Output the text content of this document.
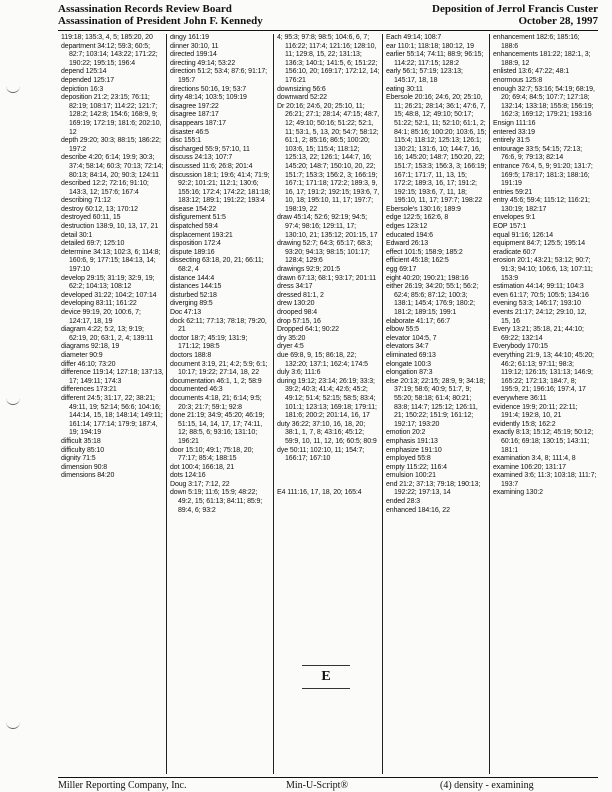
Assassination Records Review Board	Deposition of Jerrol Francis Custer
Assassination of President John F. Kennedy	October 28, 1997
119:18; 135:3, 4, 5; 185:20, 20
department 34:12; 59:3; 60:5; 82:7; 103:14; 143:22; 171:22; 190:22; 195:15; 196:4
depend 125:14
depended 125:17
depiction 16:3
deposition 21:2; 23:15; 76:11; 82:19; 108:17; 114:22; 121:7; 128:2; 142:8; 154:6; 168:9, 9; 169:19; 172:19; 181:6; 202:10, 12
depth 29:20; 30:3; 88:15; 186:22; 197:2
describe 4:20; 6:14; 19:9; 30:3; 37:4; 58:14; 60:3; 70:13; 72:14; 80:13; 84:14, 20; 90:3; 124:11
described 12:2; 72:16; 91:10; 143:3, 12; 157:6; 167:4
describing 71:12
destroy 60:12, 13; 170:12
destroyed 60:11, 15
destruction 138:9, 10, 13, 17, 21
detail 30:1
detailed 69:7; 125:10
determine 34:13; 102:3, 6; 114:8; 160:6, 9; 177:15; 184:13, 14; 197:10
develop 29:15; 31:19; 32:9, 19; 62:2; 104:13; 108:12
developed 31:22; 104:2; 107:14
developing 83:11; 161:22
device 99:19, 20; 100:6, 7; 124:17, 18, 19
diagram 4:22; 5:2, 13; 9:19; 62:19, 20; 63:1, 2, 4; 139:11
diagrams 92:18, 19
diameter 90:9
differ 46:10; 73:20
difference 119:14; 127:18; 137:13, 17; 149:11; 174:3
differences 173:21
different 24:5; 31:17, 22; 38:21; 49:11, 19; 52:14; 56:6; 104:16; 144:14, 15, 18; 148:14; 149:11; 161:14; 177:14; 179:9; 187:4, 19; 194:19
difficult 35:18
difficulty 85:10
dignity 71:5
dimension 90:8
dimensions 84:20
dingy 161:19
dinner 30:10, 11
directed 199:14
directing 49:14; 53:22
direction 51:2; 53:4; 87:6; 91:17; 195:7
directions 50:16, 19; 53:7
dirty 48:14; 103:5; 109:19
disagree 197:22
disagree 187:17
disappears 187:17
disaster 46:5
disc 155:1
discharged 55:9; 57:10, 11
discuss 24:13; 107:7
discussed 11:6; 26:8; 201:4
discussion 18:1; 19:6; 41:4; 71:9; 92:2; 101:21; 112:1; 130:6; 155:16; 172:4; 174:22; 181:18; 183:12; 189:1; 191:22; 193:4
disease 154:22
disfigurement 51:5
dispatched 59:4
displacement 193:21
disposition 172:4
dispute 189:16
dissecting 63:18, 20, 21; 66:11; 68:2, 4
distance 144:4
distances 144:15
disturbed 52:18
diverging 89:5
Doc 47:13
dock 62:11; 77:13; 78:18; 79:20, 21
doctor 18:7; 45:19; 131:9; 171:12; 198:5
doctors 188:8
document 3:19, 21; 4:2; 5:9; 6:1; 10:17; 19:22; 27:14, 18, 22
documentation 46:1, 1, 2; 58:9
documented 46:3
documents 4:18, 21; 6:14; 9:5; 20:3; 21:7; 59:1; 92:8
done 21:19; 34:9; 45:20; 46:19; 51:15, 14, 14, 17, 17; 74:11, 12; 88:5, 6; 93:16; 131:10; 196:21
door 15:10; 49:1; 75:18, 20; 77:17; 85:4; 188:15
dot 100:4; 166:18, 21
dots 124:16
Doug 3:17; 7:12, 22
down 5:19; 11:6; 15:9; 48:22; 49:2, 15; 61:13; 84:11; 85:9; 89:4, 6; 93:2
4; 95:3; 97:8; 98:5; 104:6, 6, 7; 116:22; 117:4; 121:16; 128:10, 11; 129:8, 15, 22; 131:13; 136:3; 140:1; 141:5, 6; 151:22; 156:10, 20; 169:17; 172:12, 14; 176:21
downsizing 56:6
downward 52:22
Dr 20:16; 24:6, 20; 25:10, 11; 26:21; 27:1; 28:14; 47:15; 48:7, 12; 49:10; 50:16; 51:22; 52:1, 11; 53:1, 5, 13, 20; 54:7; 58:12; 61:1, 2; 85:16; 86:5; 100:20; 103:6, 15; 115:4; 118:12; 125:13, 22; 126:1; 144:7, 16; 145:20; 148:7; 150:10, 20, 22; 151:7; 153:3; 156:2, 3; 166:19; 167:1; 171:18; 172:2; 189:3, 9, 16, 17; 191:2; 192:15; 193:6, 7, 10, 18; 195:10, 11, 17; 197:7; 198:19, 22
draw 45:14; 52:6; 92:19; 94:5; 97:4; 98:16; 129:11, 17; 130:10, 21; 135:12; 201:15, 17
drawing 52:7; 64:3; 65:17; 68:3; 93:20; 94:13; 98:15; 101:17; 128:4; 129:6
drawings 92:9; 201:5
drawn 67:13; 68:1; 93:17; 201:11
dress 34:17
dressed 81:1, 2
drew 130:20
drooped 98:4
drop 57:15, 16
Dropped 64:1; 90:22
dry 35:20
dryer 4:5
due 69:8, 9, 15; 86:18, 22; 132:20; 137:1; 162:4; 174:5
duly 3:6; 111:6
during 19:12; 23:14; 26:19; 33:3; 39:2; 40:3; 41:4; 42:6; 45:2; 49:12; 51:4; 52:15; 58:5; 83:4; 101:1; 123:13; 169:18; 179:11; 181:6; 200:2; 201:14, 16, 17
duty 36:22; 37:10, 16, 18, 20; 38:1, 1, 7, 8; 43:16; 45:12; 59:9, 10, 11, 12, 16; 60:5; 80:9
dye 50:11; 102:10, 11; 154:7; 166:17; 167:10
E4 111:16, 17, 18, 20; 165:4
Each 49:14; 108:7
ear 110:1; 118:18; 180:12, 19
earlier 55:14; 74:11; 88:9; 96:15; 114:22; 117:15; 128:2
early 56:1; 57:19; 123:13; 145:17, 18, 18
eating 30:11
Ebersole 20:16; 24:6, 20; 25:10, 11; 26:21; 28:14; 36:1; 47:6, 7, 15; 48:8, 12; 49:10; 50:17; 51:22; 52:1, 11; 52:10; 61:1, 2; 84:1; 85:16; 100:20; 103:6, 15; 115:4; 118:12; 125:13; 126:1; 130:21; 131:6, 10; 144:7, 16, 16; 145:20; 148:7; 150:20, 22; 151:7; 153:3; 156:3, 3; 166:19; 167:1; 171:7, 11, 13, 15; 172:2; 189:3, 16, 17; 191:2; 192:15; 193:6, 7, 11, 18; 195:10, 11, 17; 197:7; 198:22
Ebersole's 130:16; 189:9
edge 122:5; 162:6, 8
edges 123:12
educated 194:6
Edward 26:13
effect 101:5; 158:9; 185:2
efficient 45:18; 162:5
egg 69:17
eight 40:20; 190:21; 198:16
either 26:19; 34:20; 55:1; 56:2; 62:4; 85:6; 87:12; 100:3; 138:1; 145:4; 176:9; 180:2; 181:2; 189:15; 199:1
elaborate 41:17; 66:7
elbow 55:5
elevator 104:5, 7
elevators 34:7
eliminated 69:13
elongate 100:3
elongation 87:3
else 20:13; 22:15; 28:9, 9; 34:18; 37:19; 58:6; 40:9; 51:7, 9; 55:20; 58:18; 61:4; 80:21; 83:8; 114:7; 125:12; 126:11, 21; 150:22; 151:9; 161:12; 192:17; 193:20
emotion 20:2
emphasis 191:13
emphasize 191:10
employed 55:8
empty 115:22; 116:4
emulsion 100:21
end 21:2; 37:13; 79:18; 190:13; 192:22; 197:13, 14
ended 28:3
enhanced 184:16, 22
enhancement 182:6; 185:16; 188:6
enhancements 181:22; 182:1, 3; 188:9, 12
enlisted 13:6; 47:22; 48:1
enormous 125:8
enough 32:7; 53:16; 54:19; 68:19, 20; 69:4; 84:5; 107:7; 127:18; 132:14; 133:18; 155:8; 156:19; 162:3; 169:12; 179:21; 193:16
Ensign 111:16
entered 33:19
entirely 31:5
entourage 33:5; 54:15; 72:13; 76:6, 9; 79:13; 82:14
entrance 76:4, 5, 9; 91:20; 131:7; 169:5; 178:17; 181:3; 188:16; 191:19
entries 59:21
entry 45:6; 59:4; 115:12; 116:21; 130:19; 182:17
envelopes 9:1
EOP 157:1
equal 91:16; 126:14
equipment 84:7; 125:5; 195:14
eradicate 60:7
erosion 20:1; 43:21; 53:12; 90:7; 91:3; 94:10; 106:6, 13; 107:11; 153:9
estimation 44:14; 99:11; 104:3
even 61:17; 70:5; 105:5; 134:16
evening 53:3; 146:17; 193:10
events 21:17; 24:12; 29:10, 12, 15, 16
Every 13:21; 35:18, 21; 44:10; 69:22; 132:14
Everybody 170:15
everything 21:9, 13; 44:10; 45:20; 46:2; 61:13; 97:11; 98:3; 119:12; 126:15; 131:13; 146:9; 165:22; 172:13; 184:7, 8; 195:9, 21; 196:16; 197:4, 17
everywhere 36:11
evidence 19:9; 20:11; 22:11; 191:4; 192:8, 10, 21
evidently 15:8; 162:2
exactly 8:13; 15:12; 45:19; 50:12; 60:16; 69:18; 130:15; 143:11; 181:1
examination 3:4, 8; 111:4, 8
examine 106:20; 131:17
examined 3:6; 11:3; 103:18; 111:7; 193:7
examining 130:2
E
Miller Reporting Company, Inc.	Min-U-Script®	(4) density - examining
